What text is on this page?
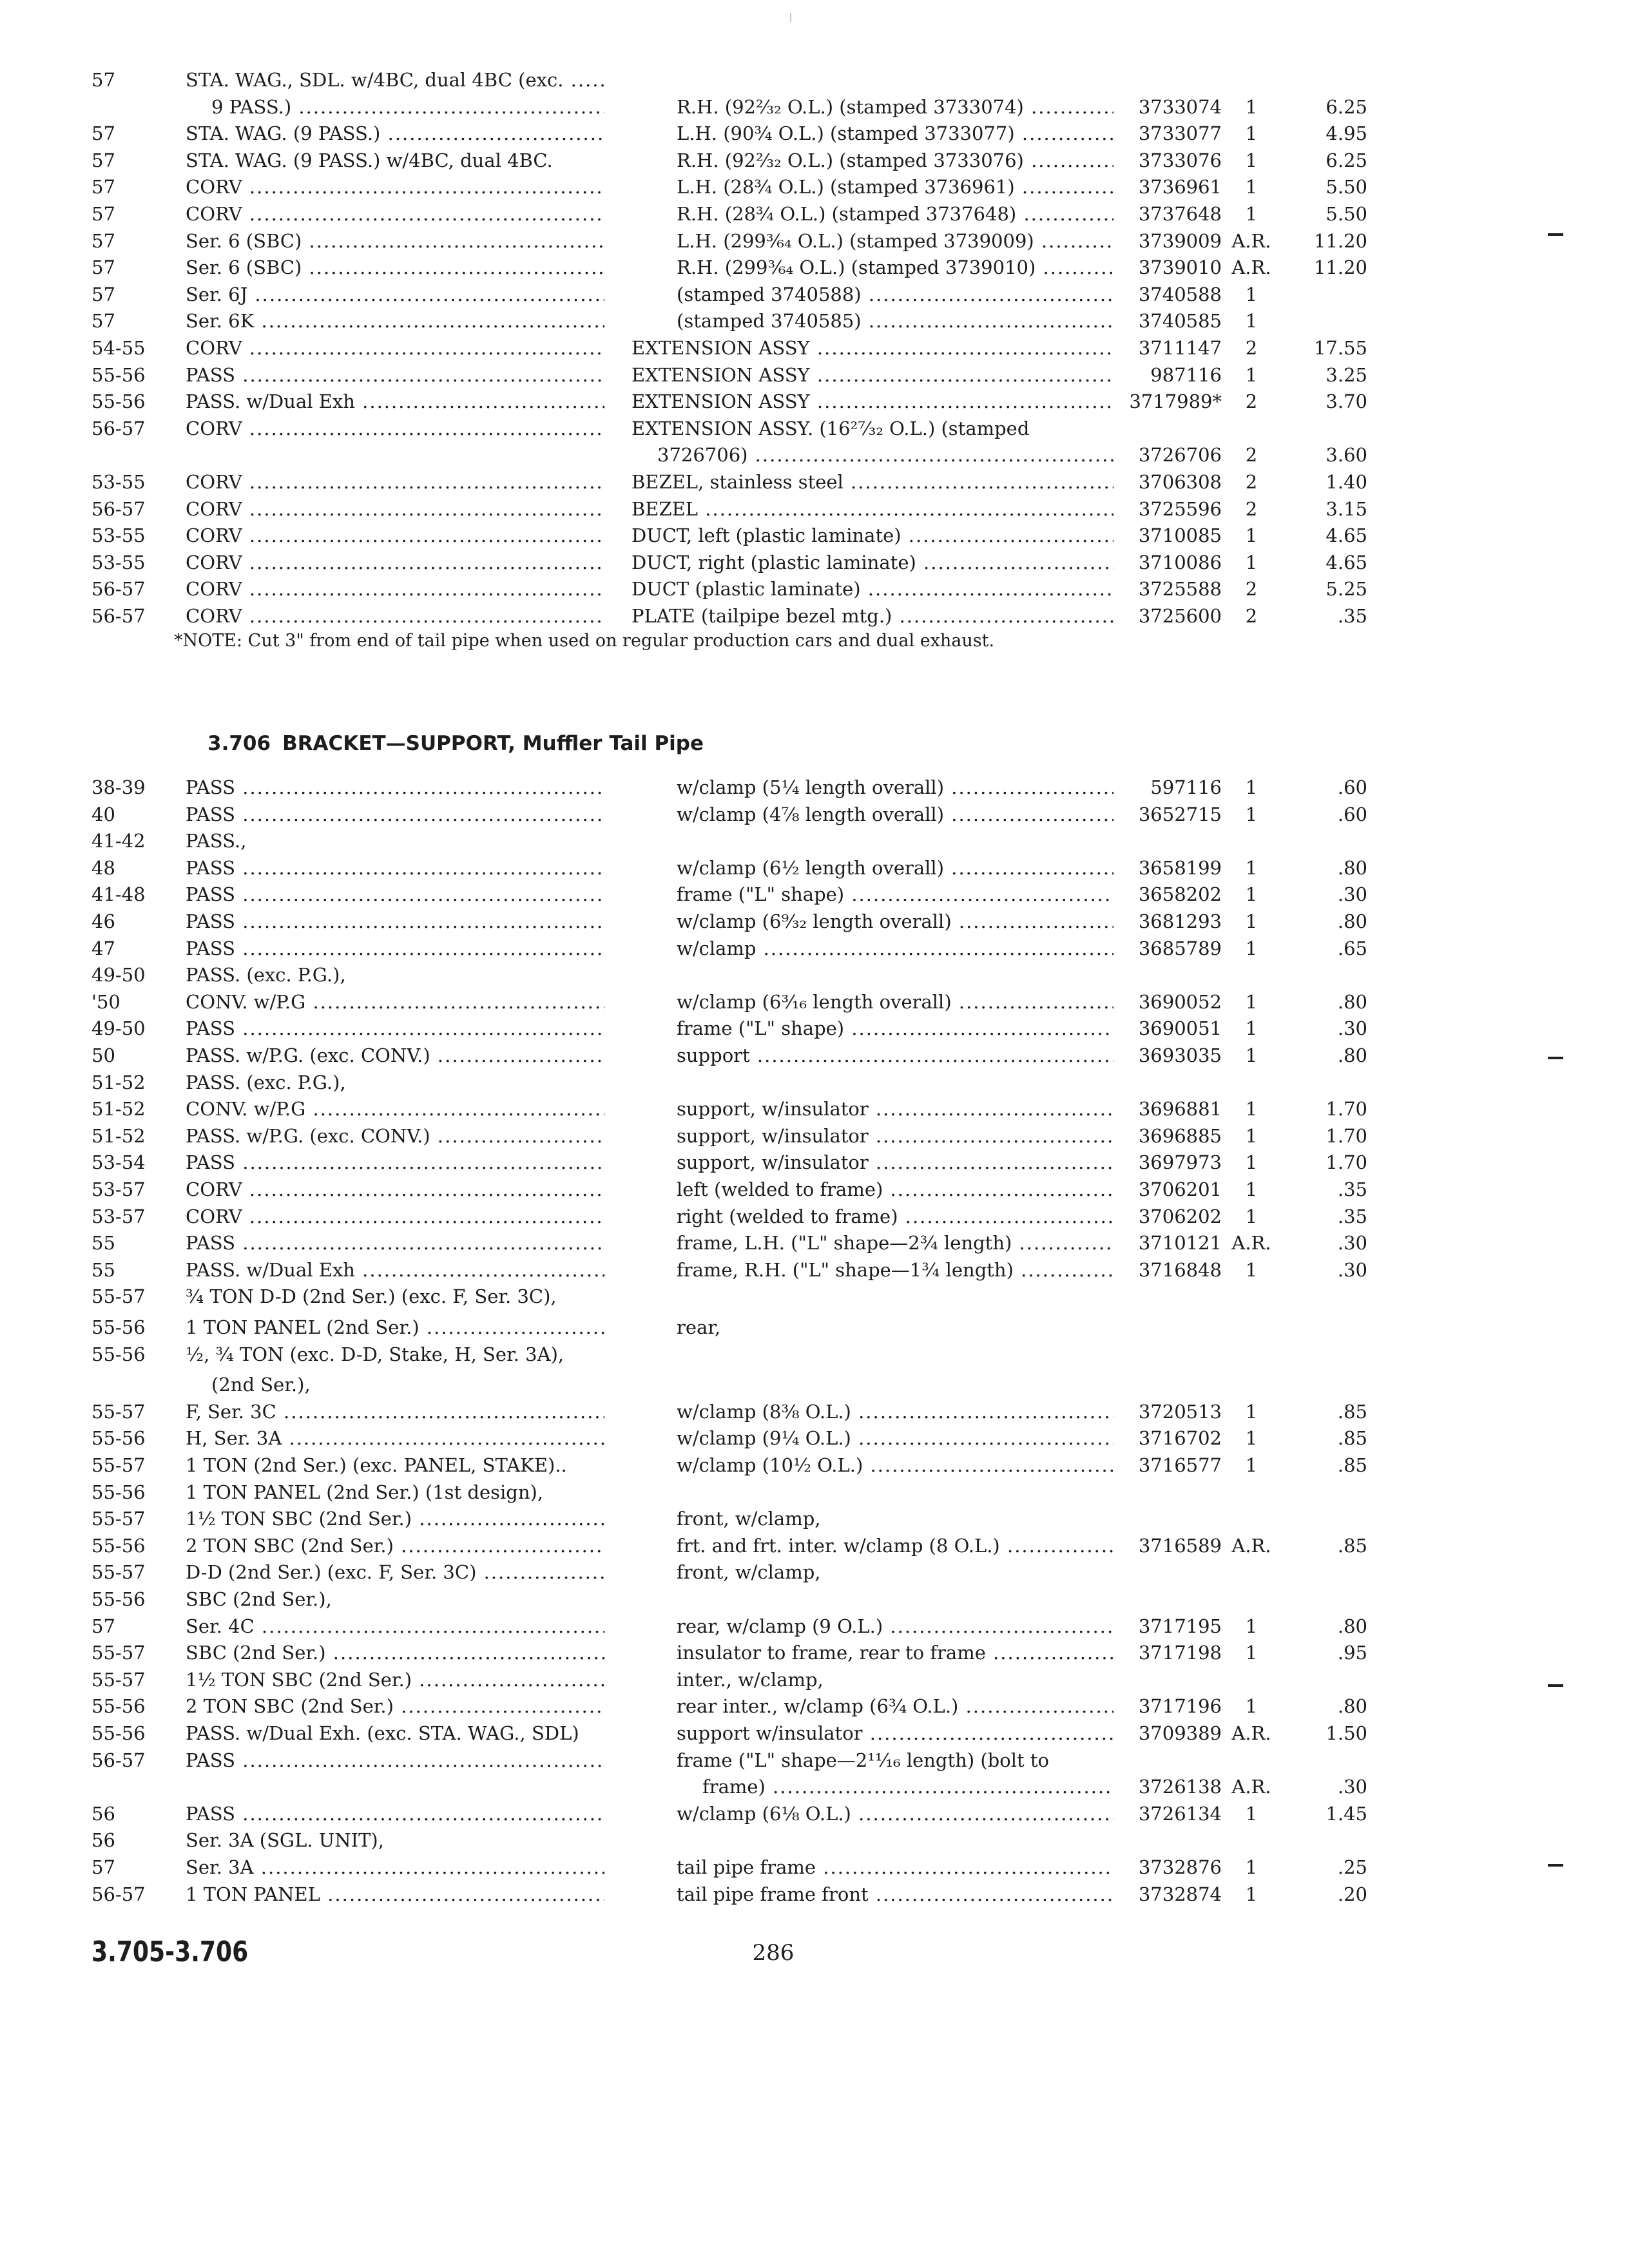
57	STA. WAG., SDL. w/4BC, dual 4BC (exc. .....
9 PASS.) .....	R.H. (92⅔₂ O.L.) (stamped 3733074) .....	3733074	1	6.25
57	STA. WAG. (9 PASS.) .....	L.H. (90¾ O.L.) (stamped 3733077) .....	3733077	1	4.95
57	STA. WAG. (9 PASS.) w/4BC, dual 4BC.	R.H. (92⅔₂ O.L.) (stamped 3733076) .....	3733076	1	6.25
57	CORV .....	L.H. (28¾ O.L.) (stamped 3736961) .....	3736961	1	5.50
57	CORV .....	R.H. (28¾ O.L.) (stamped 3737648) .....	3737648	1	5.50
57	Ser. 6 (SBC) .....	L.H. (299³⁄₆₄ O.L.) (stamped 3739009) .....	3739009 A.R.	11.20
57	Ser. 6 (SBC) .....	R.H. (299³⁄₆₄ O.L.) (stamped 3739010) .....	3739010 A.R.	11.20
57	Ser. 6J .....	(stamped 3740588) .....	3740588	1
57	Ser. 6K .....	(stamped 3740585) .....	3740585	1
54-55	CORV .....	EXTENSION ASSY .....	3711147	2	17.55
55-56	PASS .....	EXTENSION ASSY .....	987116	1	3.25
55-56	PASS. w/Dual Exh .....	EXTENSION ASSY .....	3717989*	2	3.70
56-57	CORV .....	EXTENSION ASSY. (16²⁷⁄₃₂ O.L.) (stamped
3726706) .....	3726706	2	3.60
53-55	CORV .....	BEZEL, stainless steel .....	3706308	2	1.40
56-57	CORV .....	BEZEL .....	3725596	2	3.15
53-55	CORV .....	DUCT, left (plastic laminate) .....	3710085	1	4.65
53-55	CORV .....	DUCT, right (plastic laminate) .....	3710086	1	4.65
56-57	CORV .....	DUCT (plastic laminate) .....	3725588	2	5.25
56-57	CORV .....	PLATE (tailpipe bezel mtg.) .....	3725600	2	.35
*NOTE: Cut 3" from end of tail pipe when used on regular production cars and dual exhaust.
3.706 BRACKET—SUPPORT, Muffler Tail Pipe
38-39	PASS .....	w/clamp (5¼ length overall) .....	597116	1	.60
40	PASS .....	w/clamp (4⅞ length overall) .....	3652715	1	.60
41-42	PASS.,
48	PASS .....	w/clamp (6½ length overall) .....	3658199	1	.80
41-48	PASS .....	frame ("L" shape) .....	3658202	1	.30
46	PASS .....	w/clamp (6⁹⁄₃₂ length overall) .....	3681293	1	.80
47	PASS .....	w/clamp .....	3685789	1	.65
49-50	PASS. (exc. P.G.),
'50	CONV. w/P.G .....	w/clamp (6³⁄₁₆ length overall) .....	3690052	1	.80
49-50	PASS .....	frame ("L" shape) .....	3690051	1	.30
50	PASS. w/P.G. (exc. CONV.) .....	support .....	3693035	1	.80
51-52	PASS. (exc. P.G.),
51-52	CONV. w/P.G .....	support, w/insulator .....	3696881	1	1.70
51-52	PASS. w/P.G. (exc. CONV.) .....	support, w/insulator .....	3696885	1	1.70
53-54	PASS .....	support, w/insulator .....	3697973	1	1.70
53-57	CORV .....	left (welded to frame) .....	3706201	1	.35
53-57	CORV .....	right (welded to frame) .....	3706202	1	.35
55	PASS .....	frame, L.H. ("L" shape—2¾ length) .....	3710121 A.R.	.30
55	PASS. w/Dual Exh .....	frame, R.H. ("L" shape—1¾ length) .....	3716848	1	.30
55-57	¾ TON D-D (2nd Ser.) (exc. F, Ser. 3C),
55-56	1 TON PANEL (2nd Ser.) .....	rear,
55-56	½, ¾ TON (exc. D-D, Stake, H, Ser. 3A),
(2nd Ser.),
55-57	F, Ser. 3C .....	w/clamp (8⅜ O.L.) .....	3720513	1	.85
55-56	H, Ser. 3A .....	w/clamp (9¼ O.L.) .....	3716702	1	.85
55-57	1 TON (2nd Ser.) (exc. PANEL, STAKE)..	w/clamp (10½ O.L.) .....	3716577	1	.85
55-56	1 TON PANEL (2nd Ser.) (1st design),
55-57	1½ TON SBC (2nd Ser.) .....	front, w/clamp,
55-56	2 TON SBC (2nd Ser.) .....	frt. and frt. inter. w/clamp (8 O.L.) .....	3716589 A.R.	.85
55-57	D-D (2nd Ser.) (exc. F, Ser. 3C) .....	front, w/clamp,
55-56	SBC (2nd Ser.),
57	Ser. 4C .....	rear, w/clamp (9 O.L.) .....	3717195	1	.80
55-57	SBC (2nd Ser.) .....	insulator to frame, rear to frame .....	3717198	1	.95
55-57	1½ TON SBC (2nd Ser.) .....	inter., w/clamp,
55-56	2 TON SBC (2nd Ser.) .....	rear inter., w/clamp (6¾ O.L.) .....	3717196	1	.80
55-56	PASS. w/Dual Exh. (exc. STA. WAG., SDL)	support w/insulator .....	3709389 A.R.	1.50
56-57	PASS .....	frame ("L" shape—2¹¹⁄₁₆ length) (bolt to
frame) .....	3726138 A.R.	.30
56	PASS .....	w/clamp (6⅛ O.L.) .....	3726134	1	1.45
56	Ser. 3A (SGL. UNIT),
57	Ser. 3A .....	tail pipe frame .....	3732876	1	.25
56-57	1 TON PANEL .....	tail pipe frame front .....	3732874	1	.20
3.705-3.706	286
